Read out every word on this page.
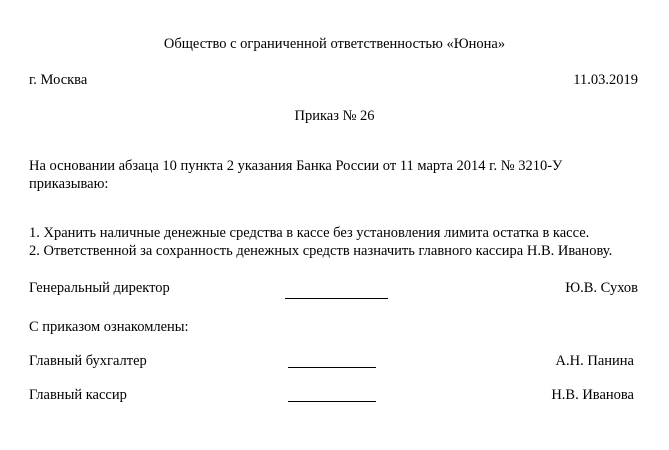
Общество с ограниченной ответственностью «Юнона»
г. Москва	11.03.2019
Приказ № 26
На основании абзаца 10 пункта 2 указания Банка России от 11 марта 2014 г. № 3210-У
приказываю:
1. Хранить наличные денежные средства в кассе без установления лимита остатка в кассе.
2. Ответственной за сохранность денежных средств назначить главного кассира Н.В. Иванову.
Генеральный директор	Ю.В. Сухов
С приказом ознакомлены:
Главный бухгалтер	А.Н. Панина
Главный кассир	Н.В. Иванова
